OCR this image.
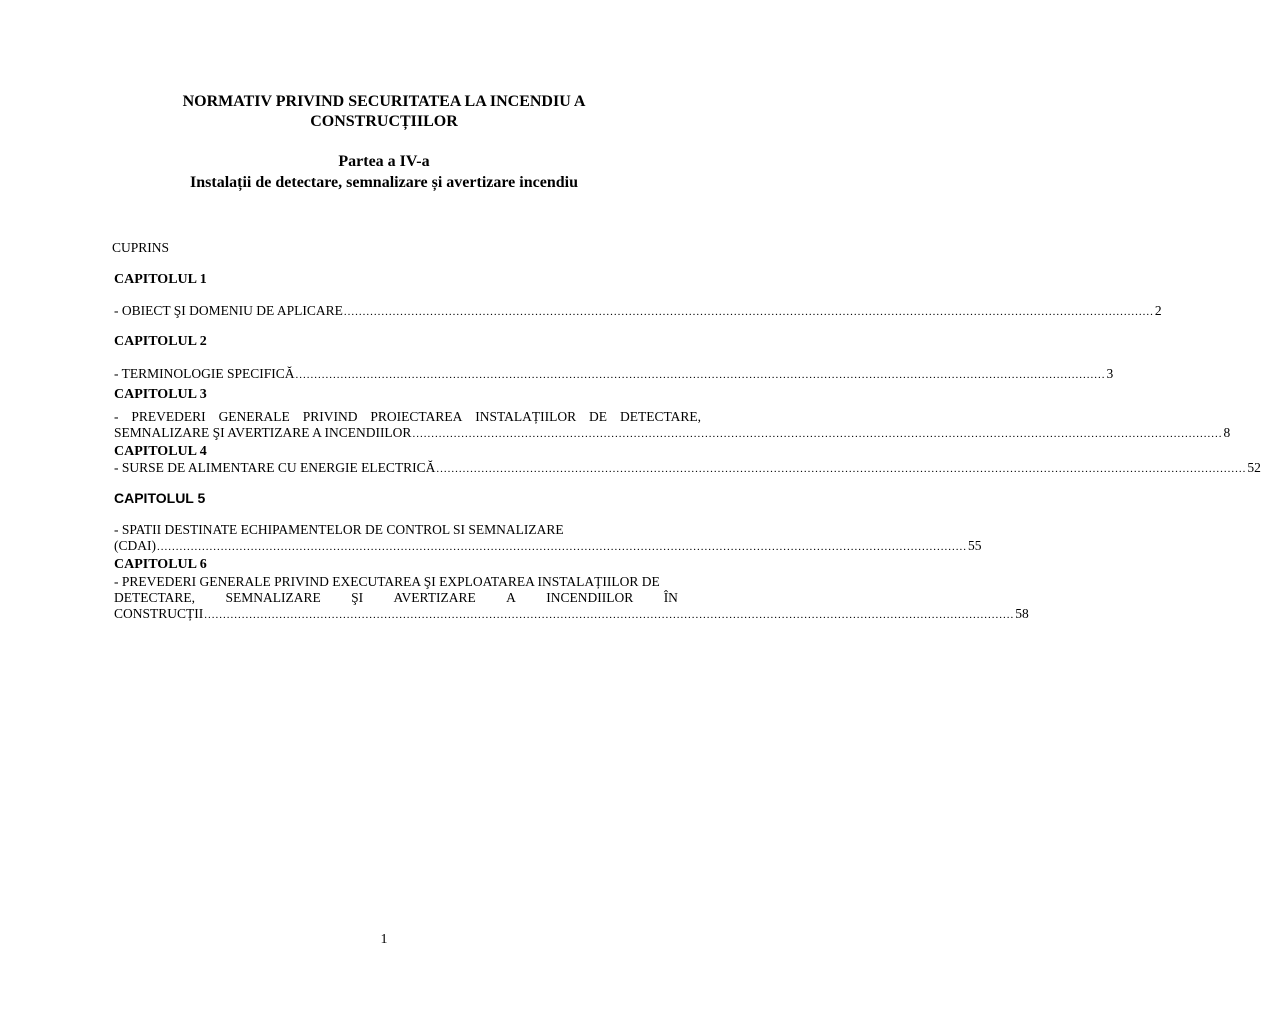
NORMATIV PRIVIND SECURITATEA LA INCENDIU A
CONSTRUCȚIILOR
Partea a IV-a
Instalații de detectare, semnalizare și avertizare incendiu
CUPRINS
CAPITOLUL 1
- OBIECT ŞI DOMENIU DE APLICARE ........................................................................................................................................................................................................................ 2
CAPITOLUL 2
- TERMINOLOGIE SPECIFICĂ ........................................................................................................................................................................................................................ 3
CAPITOLUL 3
- PREVEDERI GENERALE PRIVIND PROIECTAREA INSTALAȚIILOR DE DETECTARE,
SEMNALIZARE ŞI AVERTIZARE A INCENDIILOR ........................................................................................................................................................................................................................ 8
CAPITOLUL 4
- SURSE DE ALIMENTARE CU ENERGIE ELECTRICĂ ........................................................................................................................................................................................................................ 52
CAPITOLUL 5
- SPATII DESTINATE ECHIPAMENTELOR DE CONTROL SI SEMNALIZARE
(CDAI) ........................................................................................................................................................................................................................ 55
CAPITOLUL 6
- PREVEDERI GENERALE PRIVIND EXECUTAREA ŞI EXPLOATAREA INSTALAȚIILOR DE
DETECTARE, SEMNALIZARE ŞI AVERTIZARE A INCENDIILOR ÎN
CONSTRUCȚII ........................................................................................................................................................................................................................ 58
1
